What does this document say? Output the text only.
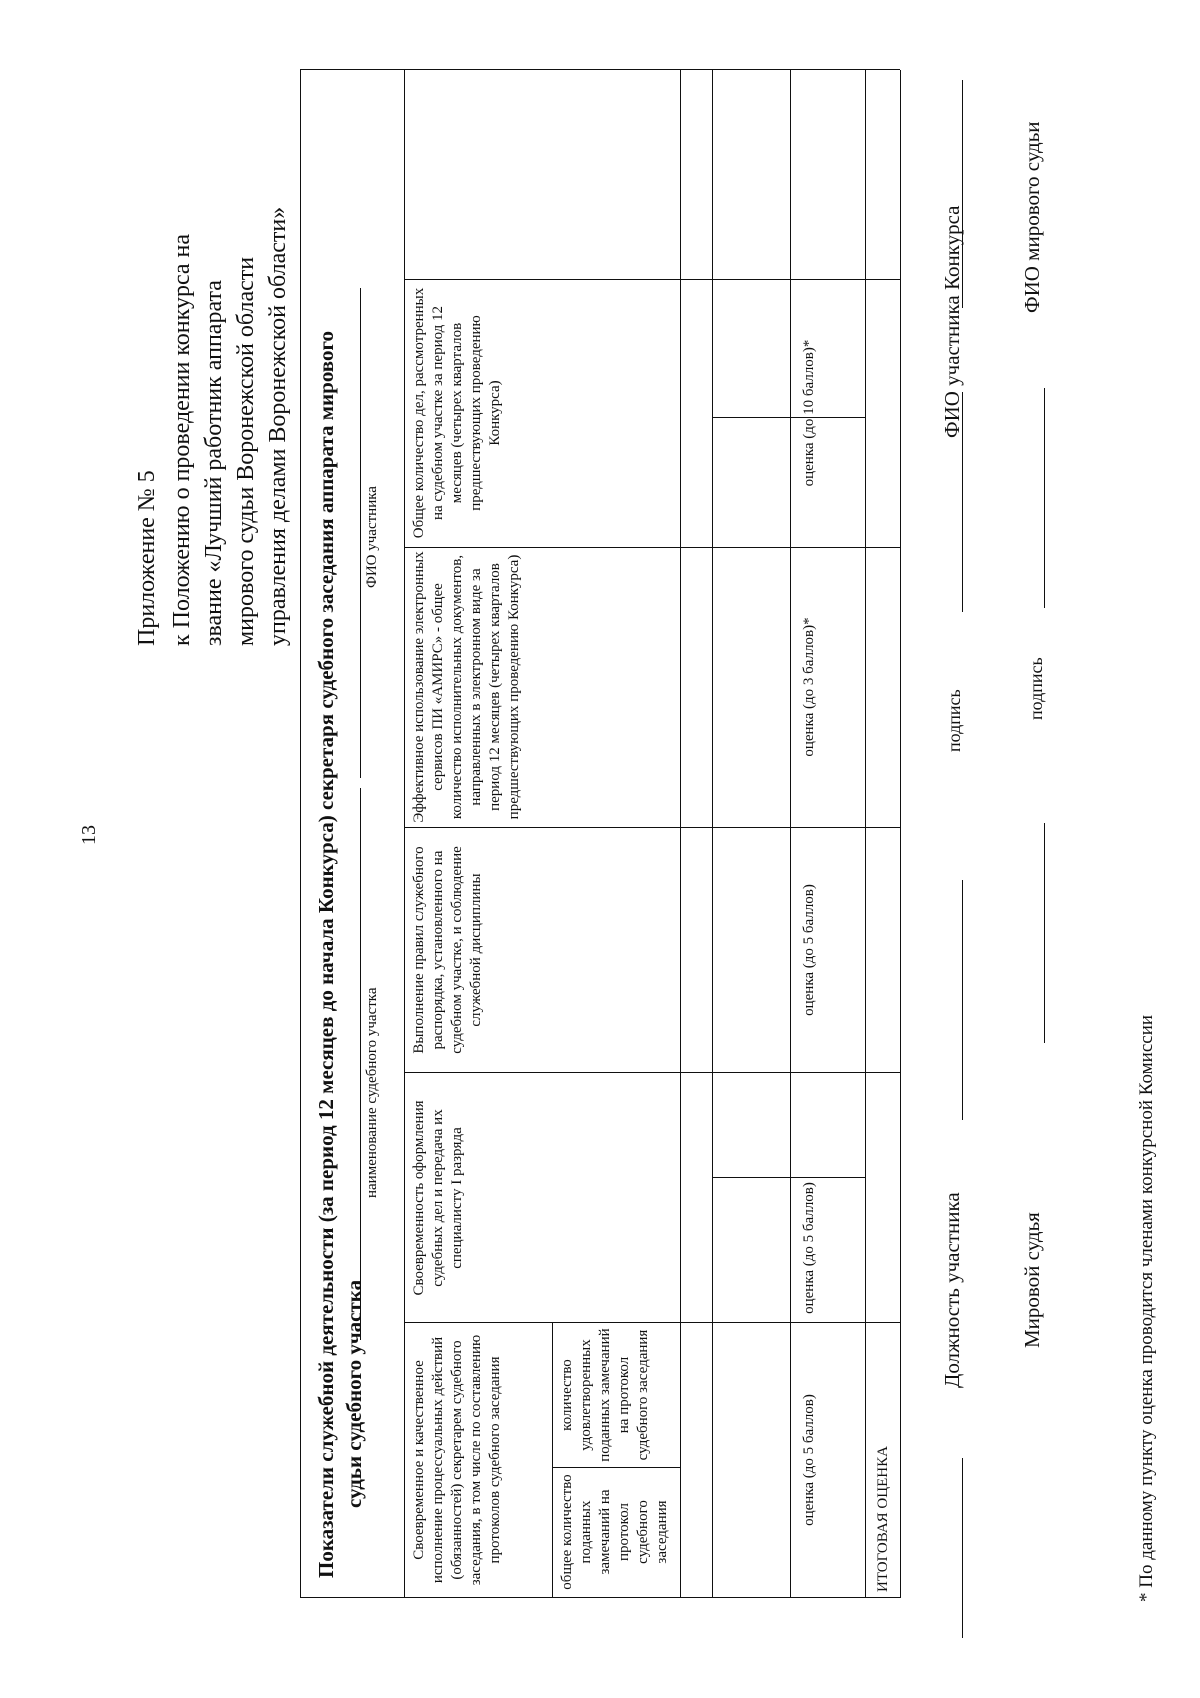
13
Приложение № 5 к Положению о проведении конкурса на звание «Лучший работник аппарата мирового судьи Воронежской области управления делами Воронежской области» Показатели служебной деятельности (за период 12 месяцев до начала Конкурса) секретаря судебного заседания аппарата мирового судьи судебного участка
наименование судебного участка
ФИО участника
Своевременное и качественное исполнение процессуальных действий (обязанностей) секретарем судебного заседания, в том числе по составлению протоколов судебного заседания	общее количество поданных замечаний на протокол судебного заседания
количество удовлетворенных поданных замечаний на протокол судебного заседания
Своевременность оформления судебных дел и передача их специалисту I разряда
Выполнение правил служебного распорядка, установленного на судебном участке, и соблюдение служебной дисциплины
Эффективное использование электронных сервисов ПИ «АМИРС» - общее количество исполнительных документов, направленных в электронном виде за период 12 месяцев (четырех кварталов предшествующих проведению Конкурса)
Общее количество дел, рассмотренных на судебном участке за период 12 месяцев (четырех кварталов предшествующих проведению Конкурса)
оценка (до 5 баллов)
оценка (до 5 баллов)
оценка (до 5 баллов)
оценка (до 3 баллов)*
оценка (до 10 баллов)*
ИТОГОВАЯ ОЦЕНКА
Должность участника
подпись
ФИО участника Конкурса
Мировой судья
подпись
ФИО мирового судьи
* По данному пункту оценка проводится членами конкурсной Комиссии
